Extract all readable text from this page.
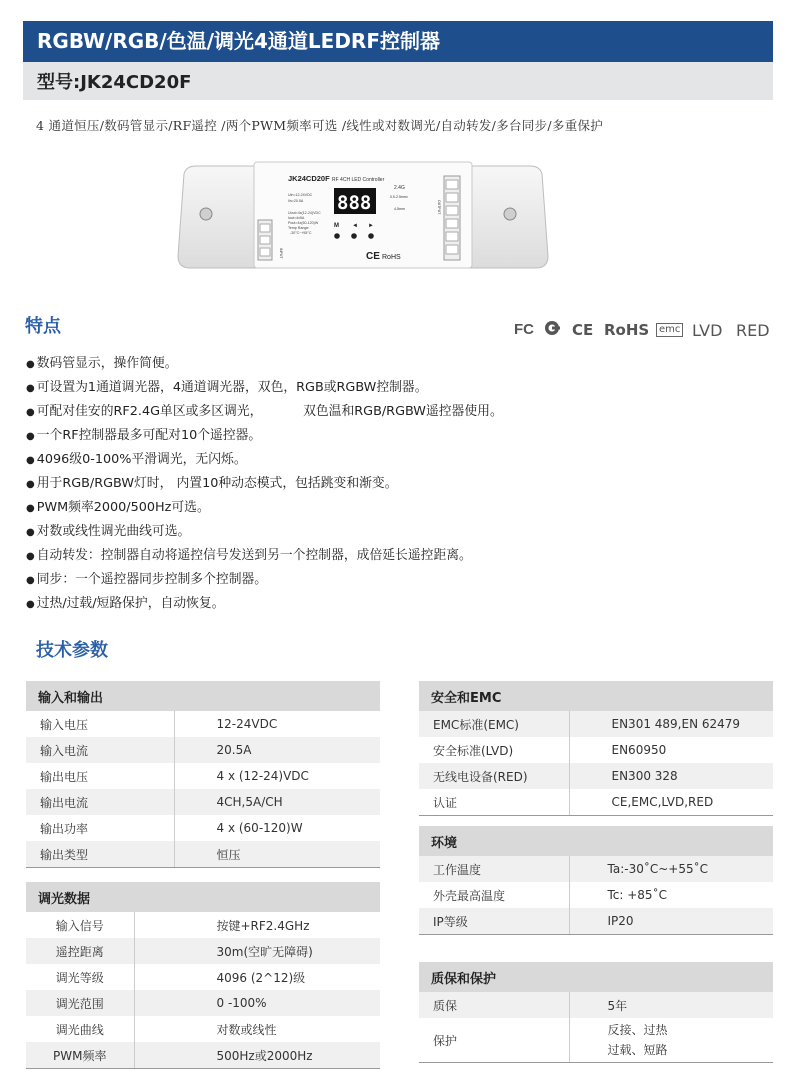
RGBW/RGB/色温/调光4通道LEDRF控制器
型号:JK24CD20F
4 通道恒压/数码管显示/RF遥控 /两个PWM频率可选 /线性或对数调光/自动转发/多台同步/多重保护
JK24CD20F RF 4CH LED Controller
888
Uin=12-24VDC
Iin=20.5A
Uout=4x(12-24)VDC
Iout=4x5A
Pout=4x(60-120)W
Temp Range:
-30°C~+55°C
2.4G
0.5-2.5mm²
4-5mm
INPUT
OUTPUT
M ◄ ►
CE RoHS
特点	FC	CE RoHS emc LVD RED
● 数码管显示，操作简便。
● 可设置为1通道调光器，4通道调光器，双色，RGB或RGBW控制器。
● 可配对佳安的RF2.4G单区或多区调光，          双色温和RGB/RGBW遥控器使用。
● 一个RF控制器最多可配对10个遥控器。
● 4096级0-100%平滑调光，无闪烁。
● 用于RGB/RGBW灯时， 内置10种动态模式，包括跳变和渐变。
● PWM频率2000/500Hz可选。
● 对数或线性调光曲线可选。
● 自动转发：控制器自动将遥控信号发送到另一个控制器，成倍延长遥控距离。
● 同步：一个遥控器同步控制多个控制器。
● 过热/过载/短路保护，自动恢复。
技术参数
输入和输出	
输入电压	12-24VDC
输入电流	20.5A
输出电压	4 x (12-24)VDC
输出电流	4CH,5A/CH
输出功率	4 x (60-120)W
输出类型	恒压
调光数据	
输入信号	按键+RF2.4GHz
遥控距离	30m(空旷无障碍)
调光等级	4096 (2^12)级
调光范围	0 -100%
调光曲线	对数或线性
PWM频率	500Hz或2000Hz
安全和EMC	
EMC标准(EMC)	EN301 489,EN 62479
安全标准(LVD)	EN60950
无线电设备(RED)	EN300 328
认证	CE,EMC,LVD,RED
环境	
工作温度	Ta:-30˚C~+55˚C
外壳最高温度	Tc: +85˚C
IP等级	IP20
质保和保护	
质保	5年
保护	反接、过热
过载、短路
